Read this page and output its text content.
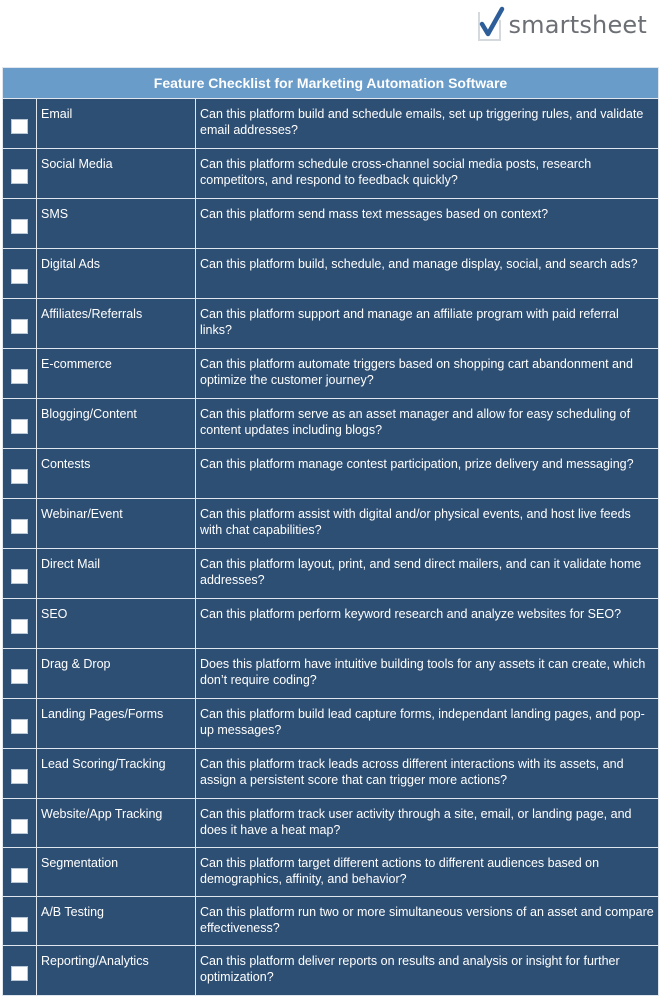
smartsheet
Feature Checklist for Marketing Automation Software		
	Email	Can this platform build and schedule emails, set up triggering rules, and validate email addresses?
	Social Media	Can this platform schedule cross-channel social media posts, research competitors, and respond to feedback quickly?
	SMS	Can this platform send mass text messages based on context?
	Digital Ads	Can this platform build, schedule, and manage display, social, and search ads?
	Affiliates/Referrals	Can this platform support and manage an affiliate program with paid referral links?
	E-commerce	Can this platform automate triggers based on shopping cart abandonment and optimize the customer journey?
	Blogging/Content	Can this platform serve as an asset manager and allow for easy scheduling of content updates including blogs?
	Contests	Can this platform manage contest participation, prize delivery and messaging?
	Webinar/Event	Can this platform assist with digital and/or physical events, and host live feeds with chat capabilities?
	Direct Mail	Can this platform layout, print, and send direct mailers, and can it validate home addresses?
	SEO	Can this platform perform keyword research and analyze websites for SEO?
	Drag & Drop	Does this platform have intuitive building tools for any assets it can create, which don’t require coding?
	Landing Pages/Forms	Can this platform build lead capture forms, independant landing pages, and pop-up messages?
	Lead Scoring/Tracking	Can this platform track leads across different interactions with its assets, and assign a persistent score that can trigger more actions?
	Website/App Tracking	Can this platform track user activity through a site, email, or landing page, and does it have a heat map?
	Segmentation	Can this platform target different actions to different audiences based on demographics, affinity, and behavior?
	A/B Testing	Can this platform run two or more simultaneous versions of an asset and compare effectiveness?
	Reporting/Analytics	Can this platform deliver reports on results and analysis or insight for further optimization?
